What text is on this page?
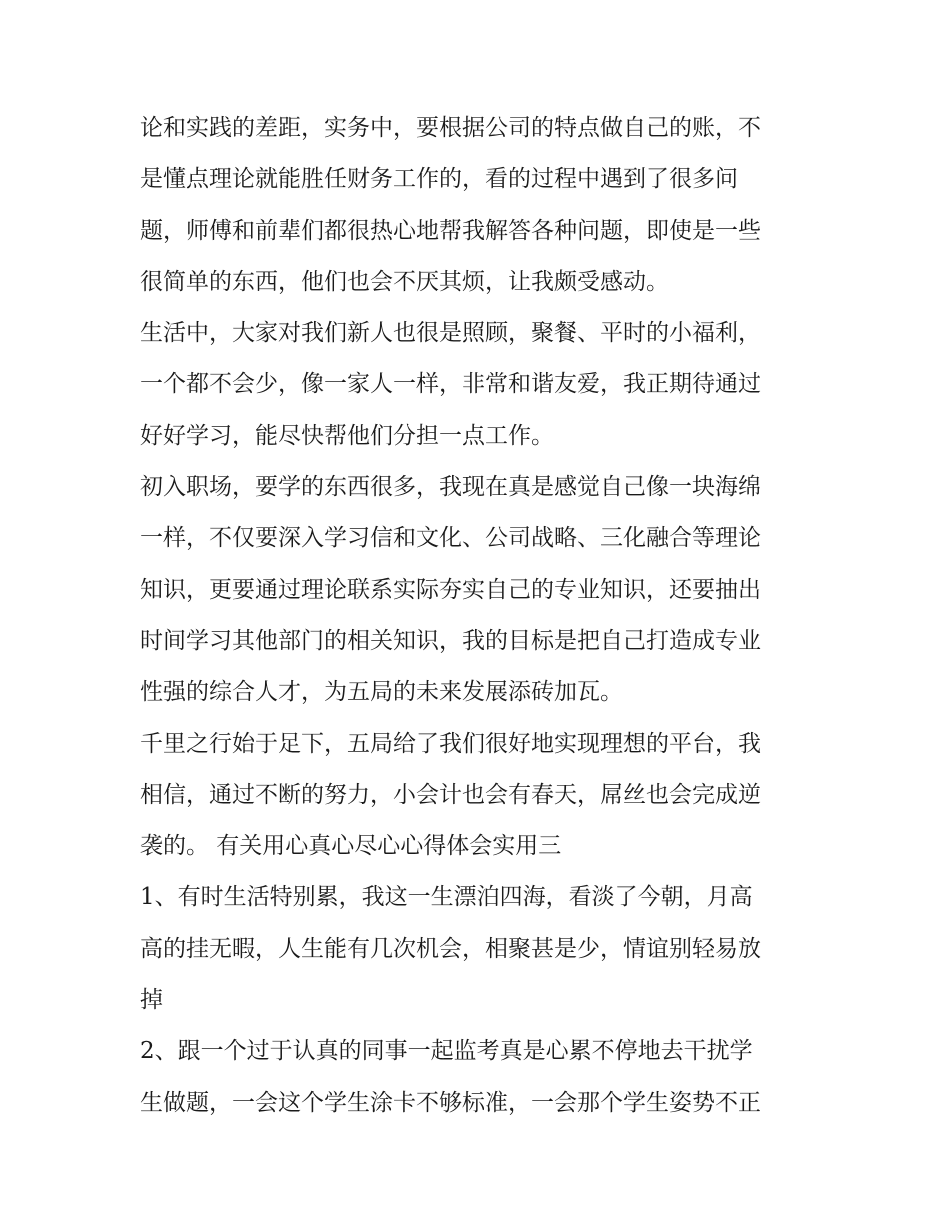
论和实践的差距，实务中，要根据公司的特点做自己的账，不
是懂点理论就能胜任财务工作的，看的过程中遇到了很多问
题，师傅和前辈们都很热心地帮我解答各种问题，即使是一些
很简单的东西，他们也会不厌其烦，让我颇受感动。
生活中，大家对我们新人也很是照顾，聚餐、平时的小福利，
一个都不会少，像一家人一样，非常和谐友爱，我正期待通过
好好学习，能尽快帮他们分担一点工作。
初入职场，要学的东西很多，我现在真是感觉自己像一块海绵
一样，不仅要深入学习信和文化、公司战略、三化融合等理论
知识，更要通过理论联系实际夯实自己的专业知识，还要抽出
时间学习其他部门的相关知识，我的目标是把自己打造成专业
性强的综合人才，为五局的未来发展添砖加瓦。
千里之行始于足下，五局给了我们很好地实现理想的平台，我
相信，通过不断的努力，小会计也会有春天，屌丝也会完成逆
袭的。 有关用心真心尽心心得体会实用三
1、有时生活特别累，我这一生漂泊四海，看淡了今朝，月高
高的挂无暇，人生能有几次机会，相聚甚是少，情谊别轻易放
掉
2、跟一个过于认真的同事一起监考真是心累不停地去干扰学
生做题，一会这个学生涂卡不够标准，一会那个学生姿势不正
